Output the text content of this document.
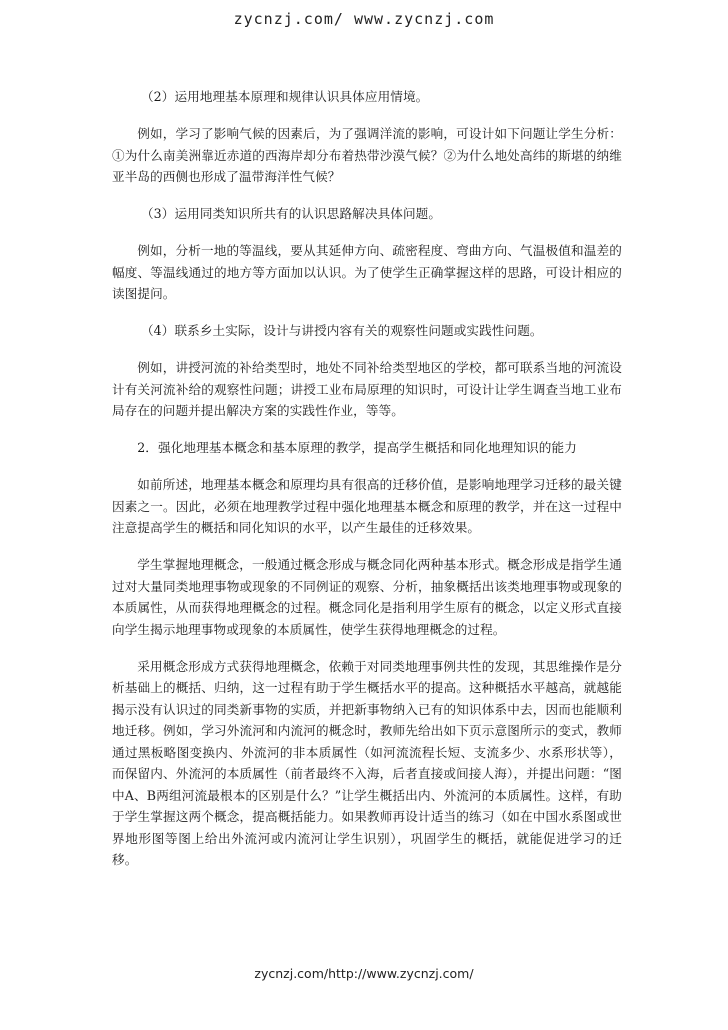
zycnzj.com/ www.zycnzj.com

（2）运用地理基本原理和规律认识具体应用情境。

例如，学习了影响气候的因素后，为了强调洋流的影响，可设计如下问题让学生分析：①为什么南美洲靠近赤道的西海岸却分布着热带沙漠气候？②为什么地处高纬的斯堪的纳维亚半岛的西侧也形成了温带海洋性气候？

（3）运用同类知识所共有的认识思路解决具体问题。

例如，分析一地的等温线，要从其延伸方向、疏密程度、弯曲方向、气温极值和温差的幅度、等温线通过的地方等方面加以认识。为了使学生正确掌握这样的思路，可设计相应的读图提问。

（4）联系乡土实际，设计与讲授内容有关的观察性问题或实践性问题。

例如，讲授河流的补给类型时，地处不同补给类型地区的学校，都可联系当地的河流设计有关河流补给的观察性问题；讲授工业布局原理的知识时，可设计让学生调查当地工业布局存在的问题并提出解决方案的实践性作业，等等。

2．强化地理基本概念和基本原理的教学，提高学生概括和同化地理知识的能力

如前所述，地理基本概念和原理均具有很高的迁移价值，是影响地理学习迁移的最关键因素之一。因此，必须在地理教学过程中强化地理基本概念和原理的教学，并在这一过程中注意提高学生的概括和同化知识的水平，以产生最佳的迁移效果。

学生掌握地理概念，一般通过概念形成与概念同化两种基本形式。概念形成是指学生通过对大量同类地理事物或现象的不同例证的观察、分析，抽象概括出该类地理事物或现象的本质属性，从而获得地理概念的过程。概念同化是指利用学生原有的概念，以定义形式直接向学生揭示地理事物或现象的本质属性，使学生获得地理概念的过程。

采用概念形成方式获得地理概念，依赖于对同类地理事例共性的发现，其思维操作是分析基础上的概括、归纳，这一过程有助于学生概括水平的提高。这种概括水平越高，就越能揭示没有认识过的同类新事物的实质，并把新事物纳入已有的知识体系中去，因而也能顺利地迁移。例如，学习外流河和内流河的概念时，教师先给出如下页示意图所示的变式，教师通过黑板略图变换内、外流河的非本质属性（如河流流程长短、支流多少、水系形状等），而保留内、外流河的本质属性（前者最终不入海，后者直接或间接人海），并提出问题：“图中A、B两组河流最根本的区别是什么？”让学生概括出内、外流河的本质属性。这样，有助于学生掌握这两个概念，提高概括能力。如果教师再设计适当的练习（如在中国水系图或世界地形图等图上给出外流河或内流河让学生识别），巩固学生的概括，就能促进学习的迁移。

zycnzj.com/http://www.zycnzj.com/
